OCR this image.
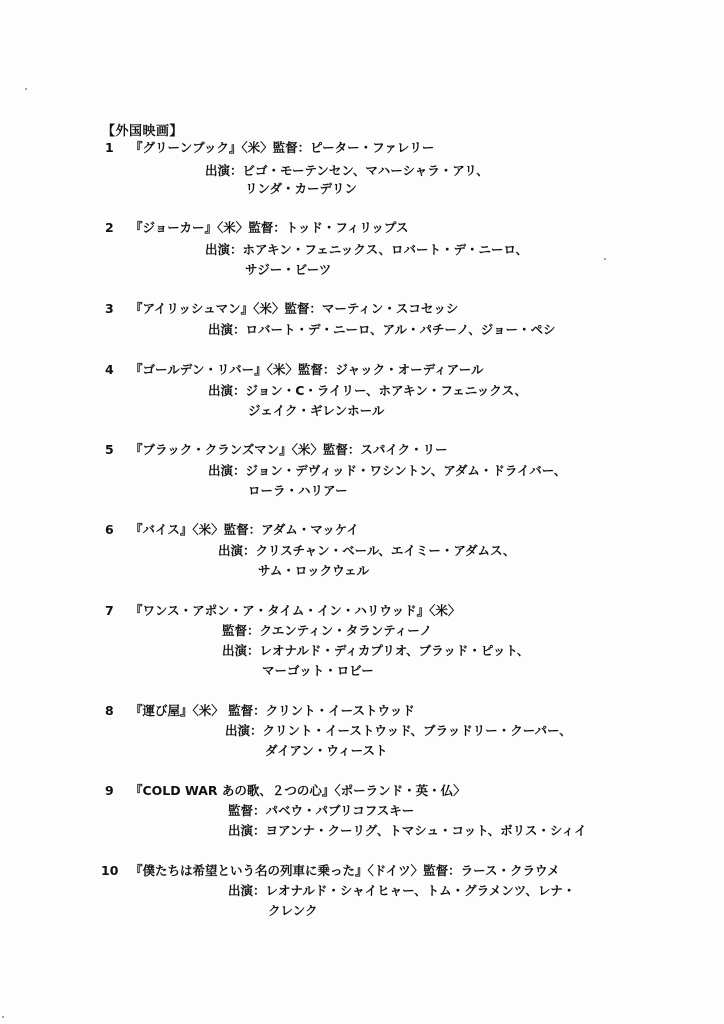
【外国映画】
1 『グリーンブック』〈米〉監督：ピーター・ファレリー
出演：ビゴ・モーテンセン、マハーシャラ・アリ、
リンダ・カーデリン
2 『ジョーカー』〈米〉監督：トッド・フィリップス
出演：ホアキン・フェニックス、ロバート・デ・ニーロ、
サジー・ビーツ
3 『アイリッシュマン』〈米〉監督：マーティン・スコセッシ
出演：ロバート・デ・ニーロ、アル・パチーノ、ジョー・ペシ
4 『ゴールデン・リバー』〈米〉監督：ジャック・オーディアール
出演：ジョン・C・ライリー、ホアキン・フェニックス、
ジェイク・ギレンホール
5 『ブラック・クランズマン』〈米〉監督：スパイク・リー
出演：ジョン・デヴィッド・ワシントン、アダム・ドライバー、
ローラ・ハリアー
6 『バイス』〈米〉監督：アダム・マッケイ
出演：クリスチャン・ベール、エイミー・アダムス、
サム・ロックウェル
7 『ワンス・アポン・ア・タイム・イン・ハリウッド』〈米〉
監督：クエンティン・タランティーノ
出演：レオナルド・ディカプリオ、ブラッド・ピット、
マーゴット・ロビー
8 『運び屋』〈米〉 監督：クリント・イーストウッド
出演：クリント・イーストウッド、ブラッドリー・クーパー、
ダイアン・ウィースト
9 『COLD WAR あの歌、２つの心』〈ポーランド・英・仏〉
監督：パベウ・パブリコフスキー
出演：ヨアンナ・クーリグ、トマシュ・コット、ボリス・シィイ
10 『僕たちは希望という名の列車に乗った』〈ドイツ〉監督：ラース・クラウメ
出演：レオナルド・シャイヒャー、トム・グラメンツ、レナ・
クレンク
